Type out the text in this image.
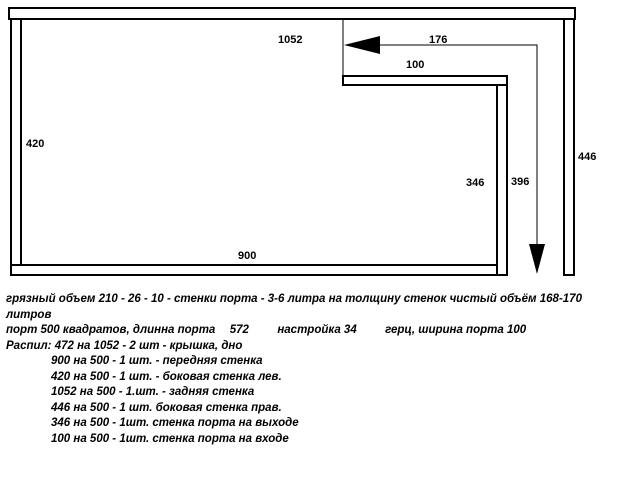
1052	176
100
420
446
346 396
900

грязный объем 210 - 26 - 10 - стенки порта - 3-6 литра на толщину стенок чистый объём 168-170

литров

порт 500 квадратов, длинна порта 572 настройка 34 герц, ширина порта 100

Распил: 472 на 1052 - 2 шт - крышка, дно

900 на 500 - 1 шт. - передняя стенка

420 на 500 - 1 шт. - боковая стенка лев.

1052 на 500 - 1.шт. - задняя стенка

446 на 500 - 1 шт. боковая стенка прав.

346 на 500 - 1шт. стенка порта на выходе

100 на 500 - 1шт. стенка порта на входе
